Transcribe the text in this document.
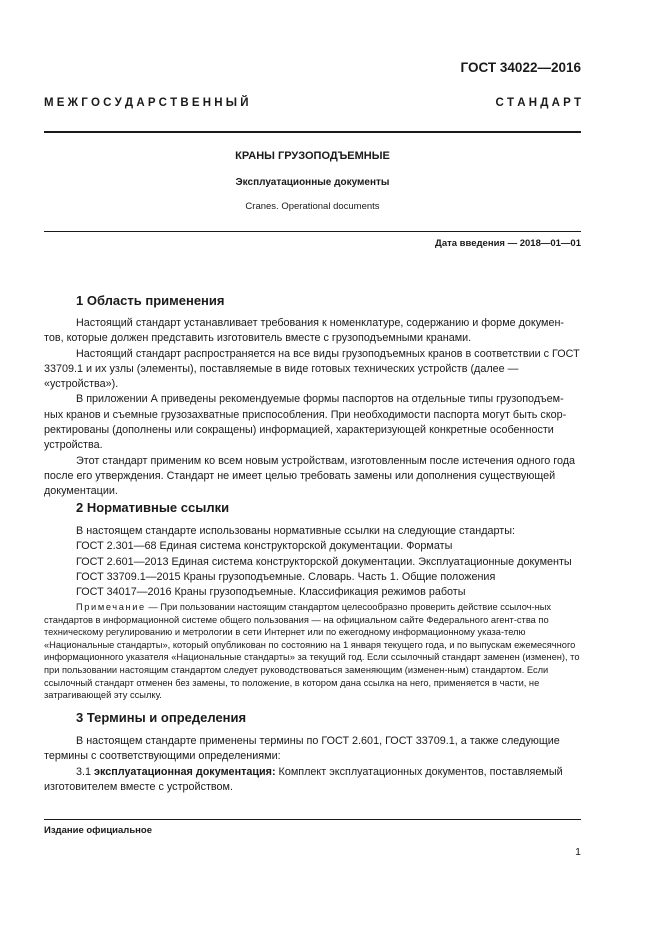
ГОСТ 34022—2016
М Е Ж Г О С У Д А Р С Т В Е Н Н Ы Й	С Т А Н Д А Р Т
КРАНЫ ГРУЗОПОДЪЕМНЫЕ
Эксплуатационные документы
Cranes. Operational documents
Дата введения — 2018—01—01
1 Область применения

Настоящий стандарт устанавливает требования к номенклатуре, содержанию и форме докумен-тов, которые должен представить изготовитель вместе с грузоподъемными кранами.

Настоящий стандарт распространяется на все виды грузоподъемных кранов в соответствии с ГОСТ 33709.1 и их узлы (элементы), поставляемые в виде готовых технических устройств (далее — «устройства»).

В приложении А приведены рекомендуемые формы паспортов на отдельные типы грузоподъем-ных кранов и съемные грузозахватные приспособления. При необходимости паспорта могут быть скор-ректированы (дополнены или сокращены) информацией, характеризующей конкретные особенности устройства.

Этот стандарт применим ко всем новым устройствам, изготовленным после истечения одного года после его утверждения. Стандарт не имеет целью требовать замены или дополнения существующей документации.

2 Нормативные ссылки

В настоящем стандарте использованы нормативные ссылки на следующие стандарты:

ГОСТ 2.301—68 Единая система конструкторской документации. Форматы

ГОСТ 2.601—2013 Единая система конструкторской документации. Эксплуатационные документы

ГОСТ 33709.1—2015 Краны грузоподъемные. Словарь. Часть 1. Общие положения

ГОСТ 34017—2016 Краны грузоподъемные. Классификация режимов работы

Примечание — При пользовании настоящим стандартом целесообразно проверить действие ссылоч-ных стандартов в информационной системе общего пользования — на официальном сайте Федерального агент-ства по техническому регулированию и метрологии в сети Интернет или по ежегодному информационному указа-телю «Национальные стандарты», который опубликован по состоянию на 1 января текущего года, и по выпускам ежемесячного информационного указателя «Национальные стандарты» за текущий год. Если ссылочный стандарт заменен (изменен), то при пользовании настоящим стандартом следует руководствоваться заменяющим (изменен-ным) стандартом. Если ссылочный стандарт отменен без замены, то положение, в котором дана ссылка на него, применяется в части, не затрагивающей эту ссылку.
3 Термины и определения

В настоящем стандарте применены термины по ГОСТ 2.601, ГОСТ 33709.1, а также следующие термины с соответствующими определениями:

3.1 эксплуатационная документация: Комплект эксплуатационных документов, поставляемый изготовителем вместе с устройством.

Издание официальное
1
